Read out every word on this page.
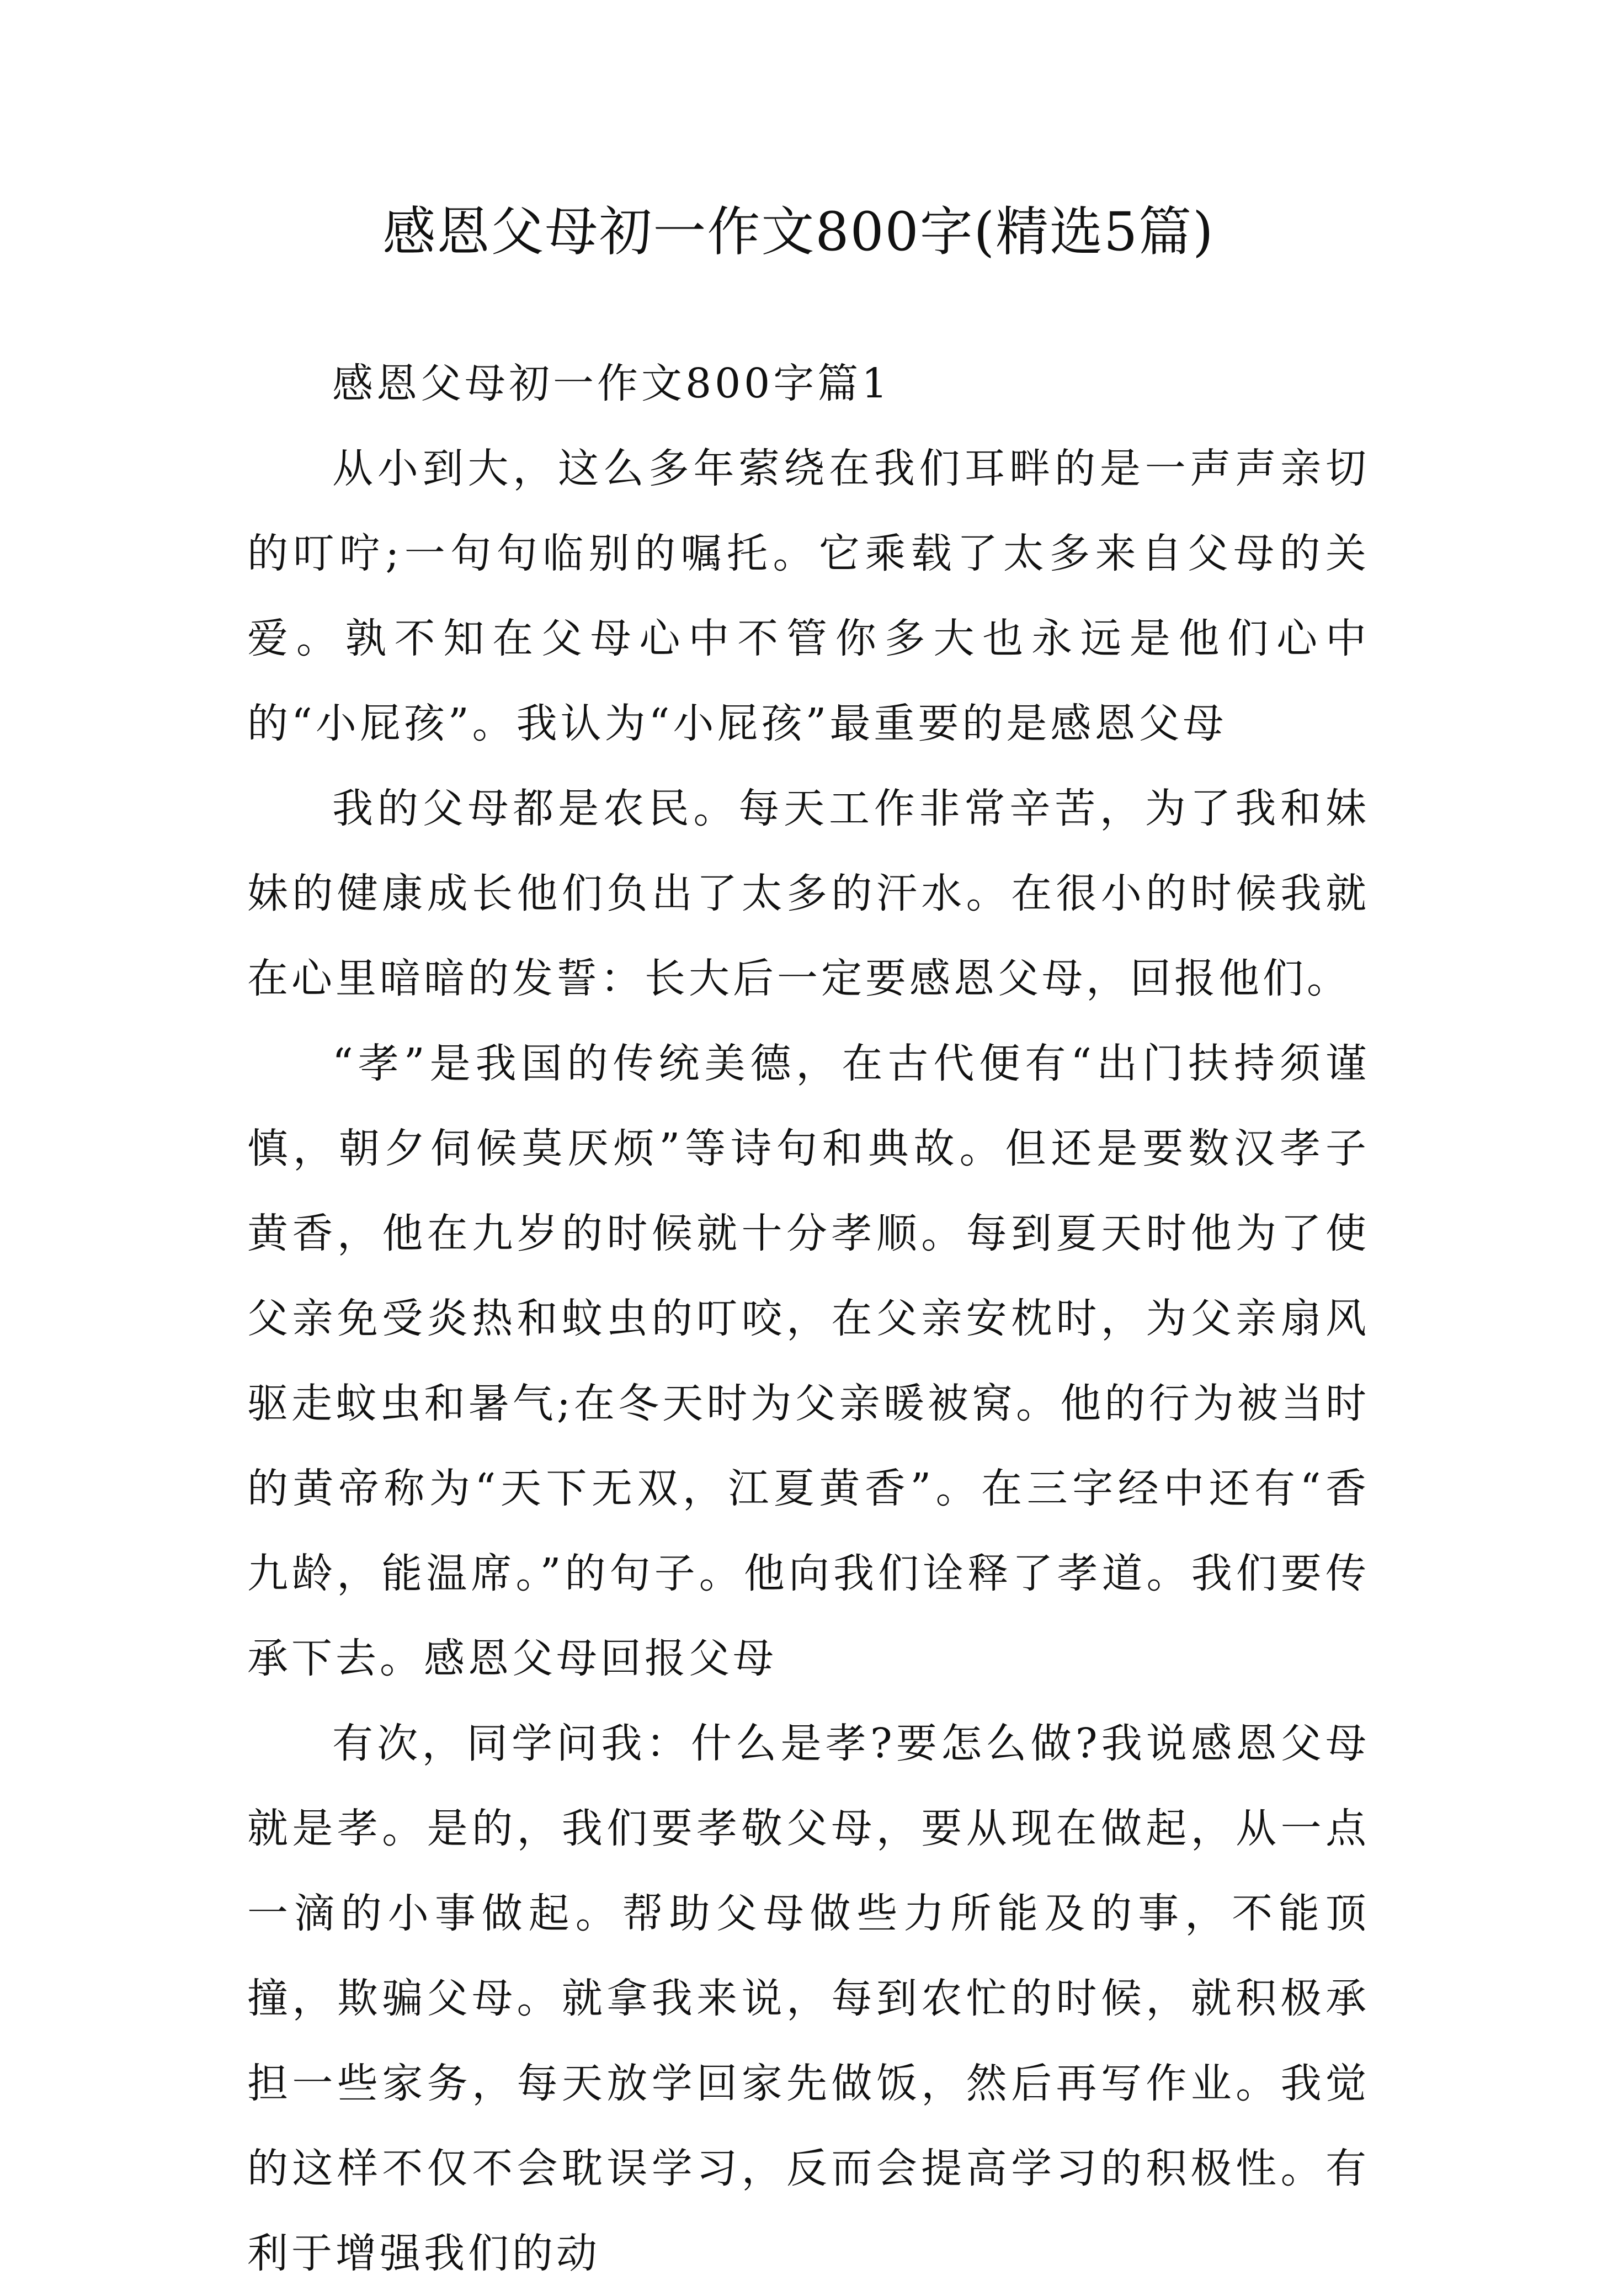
感恩父母初一作文800字(精选5篇)
感恩父母初一作文800字篇1

从小到大，这么多年萦绕在我们耳畔的是一声声亲切的叮咛;一句句临别的嘱托。它乘载了太多来自父母的关爱。孰不知在父母心中不管你多大也永远是他们心中的“小屁孩”。我认为“小屁孩”最重要的是感恩父母

我的父母都是农民。每天工作非常辛苦，为了我和妹妹的健康成长他们负出了太多的汗水。在很小的时候我就在心里暗暗的发誓：长大后一定要感恩父母，回报他们。

“孝”是我国的传统美德，在古代便有“出门扶持须谨慎，朝夕伺候莫厌烦”等诗句和典故。但还是要数汉孝子黄香，他在九岁的时候就十分孝顺。每到夏天时他为了使父亲免受炎热和蚊虫的叮咬，在父亲安枕时，为父亲扇风驱走蚊虫和暑气;在冬天时为父亲暖被窝。他的行为被当时的黄帝称为“天下无双，江夏黄香”。在三字经中还有“香九龄，能温席。”的句子。他向我们诠释了孝道。我们要传承下去。感恩父母回报父母

有次，同学问我：什么是孝?要怎么做?我说感恩父母就是孝。是的，我们要孝敬父母，要从现在做起，从一点一滴的小事做起。帮助父母做些力所能及的事，不能顶撞，欺骗父母。就拿我来说，每到农忙的时候，就积极承担一些家务，每天放学回家先做饭，然后再写作业。我觉的这样不仅不会耽误学习，反而会提高学习的积极性。有利于增强我们的动
